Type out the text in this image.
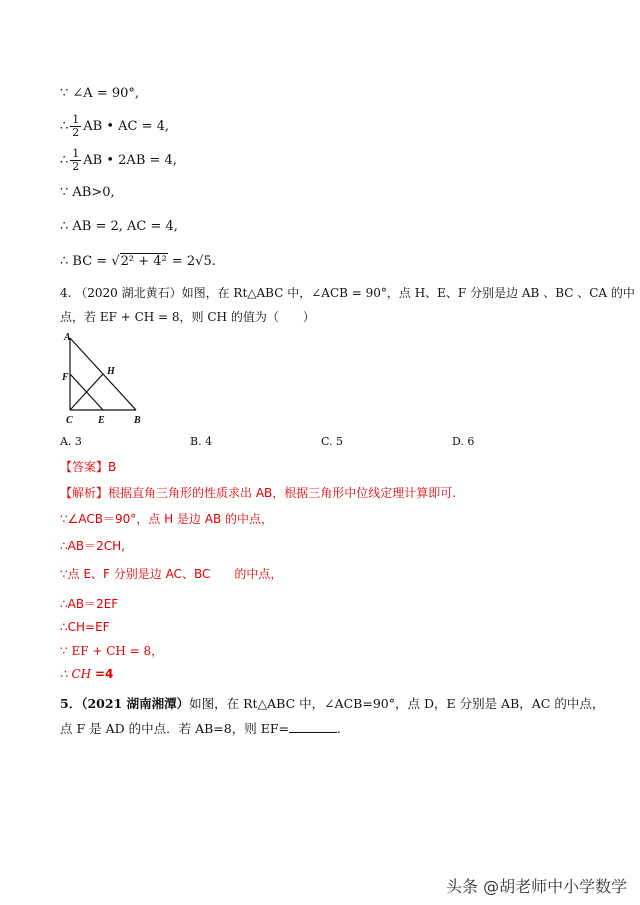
∵ ∠A = 90°,
∴ $\frac{1}{2}$ AB • AC = 4,
∴ $\frac{1}{2}$ AB • 2AB = 4,
∵ AB>0,
∴ AB = 2, AC = 4,
∴ BC = √2² + 4² = 2√5.
4. （2020 湖北黄石）如图，在 Rt△ABC 中，∠ACB = 90°，点 H、E、F 分别是边 AB 、BC 、CA 的中
点，若 EF + CH = 8，则 CH 的值为（　　）
A
H
F
C	E	B
A. 3	B. 4	C. 5	D. 6
【答案】B
【解析】根据直角三角形的性质求出 AB，根据三角形中位线定理计算即可.
∵∠ACB＝90°，点 H 是边 AB 的中点，
∴AB＝2CH,
∵点 E、F 分别是边 AC、BC　　的中点，
∴AB＝2EF
∴CH=EF
∵ EF + CH = 8，
∴ CH =4
5．（2021 湖南湘潭）如图，在 Rt△ABC 中，∠ACB=90°，点 D，E 分别是 AB，AC 的中点，
点 F 是 AD 的中点．若 AB=8，则 EF=	.
头条 @胡老师中小学数学
